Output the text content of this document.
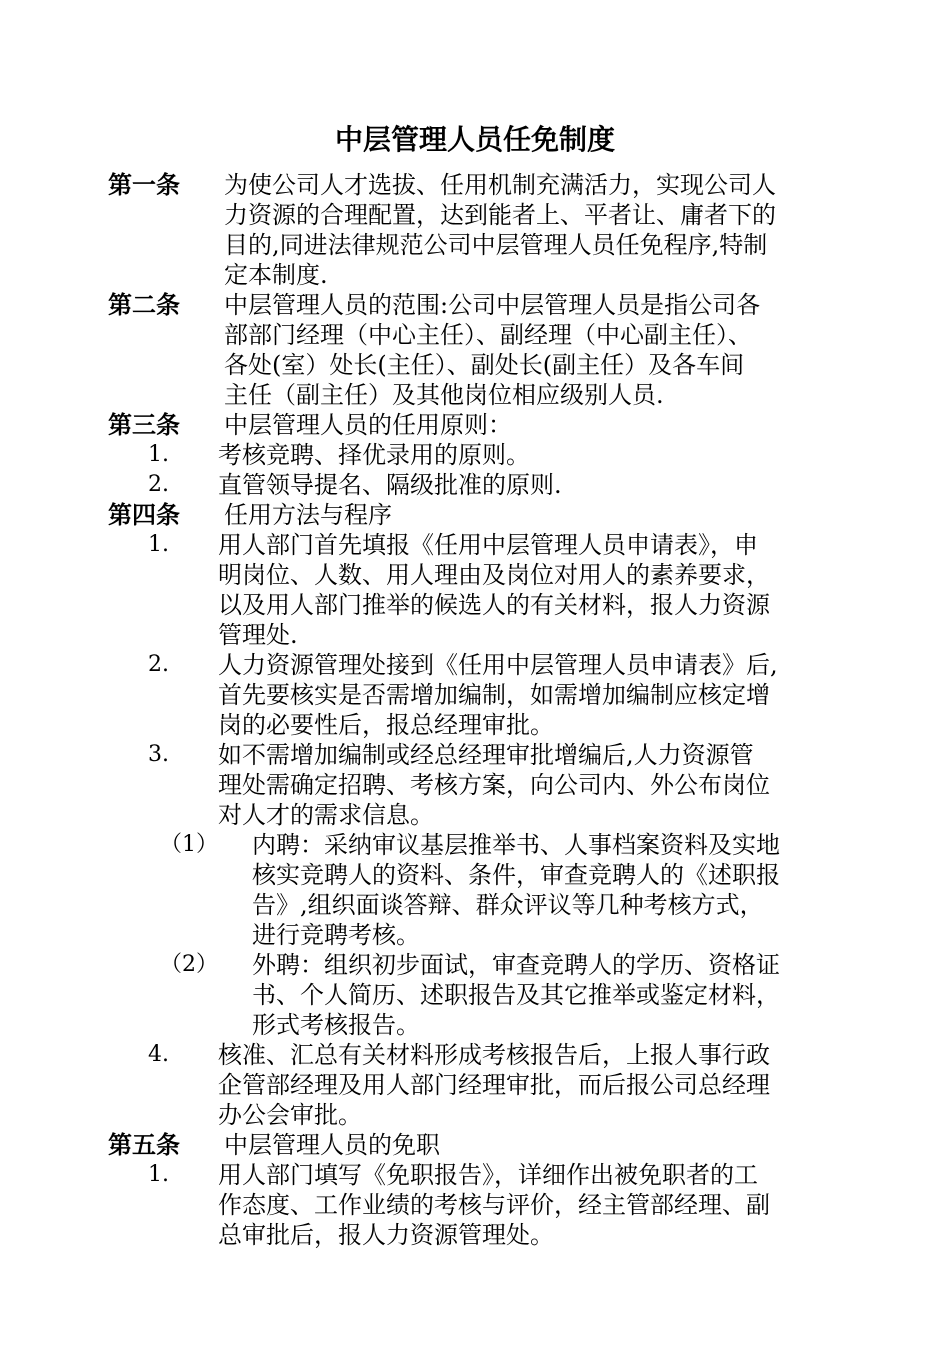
中层管理人员任免制度
第一条	为使公司人才选拔、任用机制充满活力，实现公司人
力资源的合理配置，达到能者上、平者让、庸者下的
目的,同进法律规范公司中层管理人员任免程序,特制
定本制度.
第二条	中层管理人员的范围:公司中层管理人员是指公司各
部部门经理（中心主任）、副经理（中心副主任）、
各处(室）处长(主任）、副处长(副主任）及各车间
主任（副主任）及其他岗位相应级别人员.
第三条	中层管理人员的任用原则：
1. 考核竞聘、择优录用的原则。
2. 直管领导提名、隔级批准的原则.
第四条	任用方法与程序
1. 用人部门首先填报《任用中层管理人员申请表》，申
明岗位、人数、用人理由及岗位对用人的素养要求，
以及用人部门推举的候选人的有关材料，报人力资源
管理处.
2. 人力资源管理处接到《任用中层管理人员申请表》后,
首先要核实是否需增加编制，如需增加编制应核定增
岗的必要性后，报总经理审批。
3. 如不需增加编制或经总经理审批增编后,人力资源管
理处需确定招聘、考核方案，向公司内、外公布岗位
对人才的需求信息。
（1） 内聘：采纳审议基层推举书、人事档案资料及实地
核实竞聘人的资料、条件，审查竞聘人的《述职报
告》,组织面谈答辩、群众评议等几种考核方式，
进行竞聘考核。
（2） 外聘：组织初步面试，审查竞聘人的学历、资格证
书、个人简历、述职报告及其它推举或鉴定材料，
形式考核报告。
4. 核准、汇总有关材料形成考核报告后，上报人事行政
企管部经理及用人部门经理审批，而后报公司总经理
办公会审批。
第五条	中层管理人员的免职
1. 用人部门填写《免职报告》，详细作出被免职者的工
作态度、工作业绩的考核与评价，经主管部经理、副
总审批后，报人力资源管理处。
